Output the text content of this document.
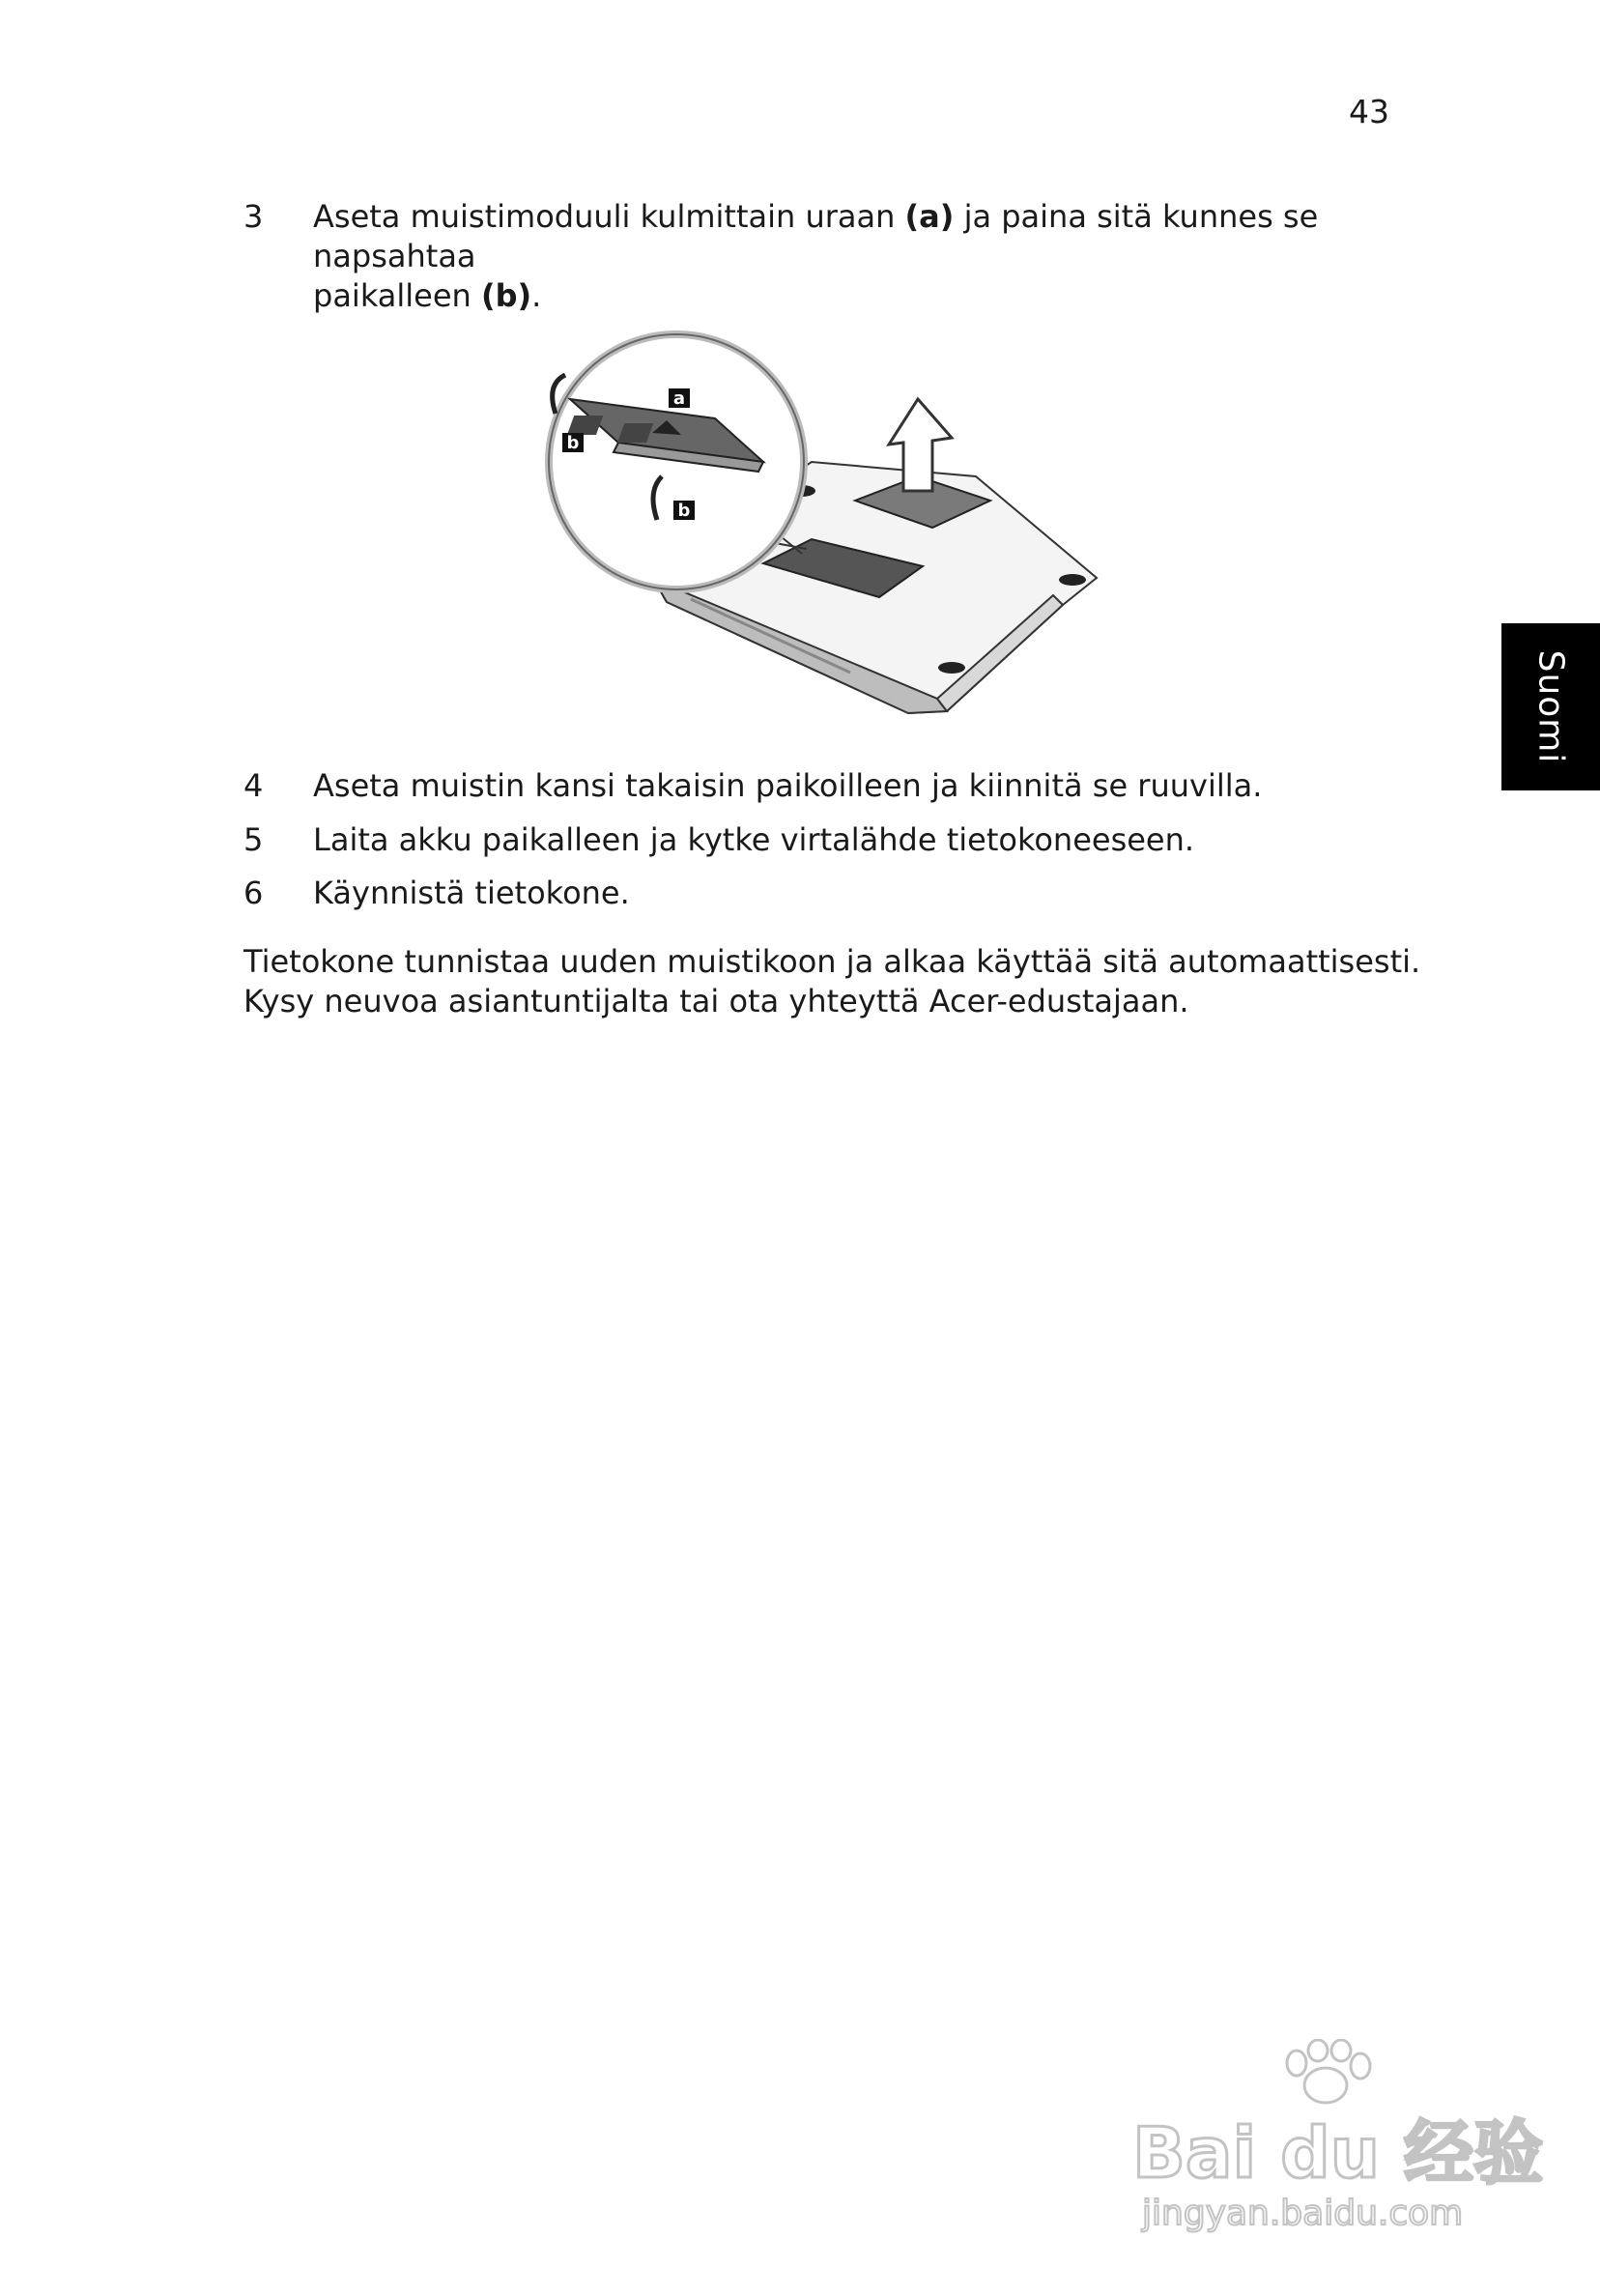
43
3 Aseta muistimoduuli kulmittain uraan (a) ja paina sitä kunnes se napsahtaa
paikalleen (b).
a
b
b
4 Aseta muistin kansi takaisin paikoilleen ja kiinnitä se ruuvilla.
5 Laita akku paikalleen ja kytke virtalähde tietokoneeseen.
6 Käynnistä tietokone.
Tietokone tunnistaa uuden muistikoon ja alkaa käyttää sitä automaattisesti.
Kysy neuvoa asiantuntijalta tai ota yhteyttä Acer-edustajaan.
Suomi
Bai du 经验
jingyan.baidu.com
